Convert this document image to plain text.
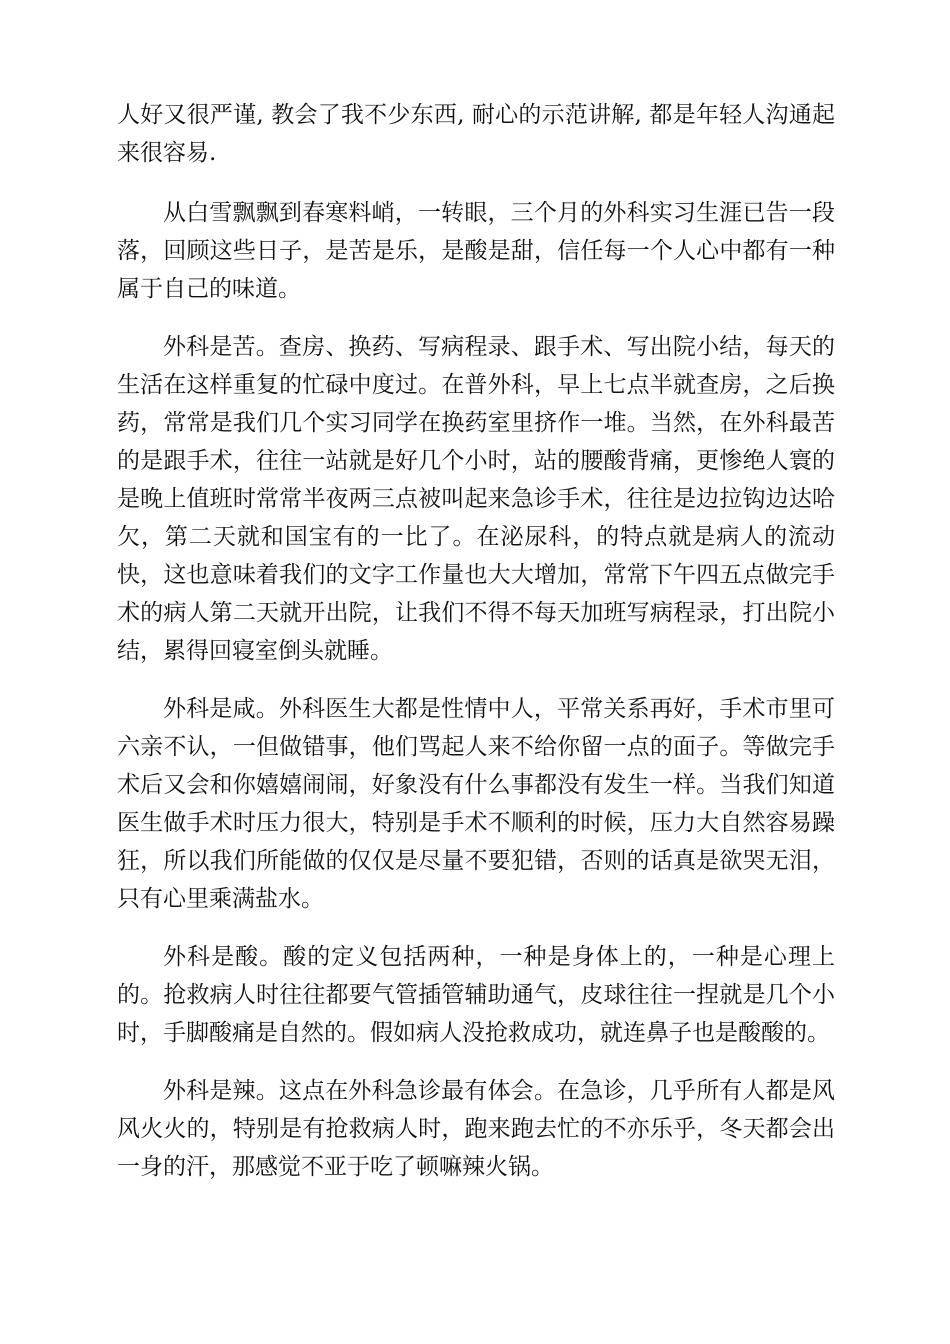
人好又很严谨, 教会了我不少东西, 耐心的示范讲解, 都是年轻人沟通起来很容易.

从白雪飘飘到春寒料峭，一转眼，三个月的外科实习生涯已告一段落，回顾这些日子，是苦是乐，是酸是甜，信任每一个人心中都有一种属于自己的味道。

外科是苦。查房、换药、写病程录、跟手术、写出院小结，每天的生活在这样重复的忙碌中度过。在普外科，早上七点半就查房，之后换药，常常是我们几个实习同学在换药室里挤作一堆。当然，在外科最苦的是跟手术，往往一站就是好几个小时，站的腰酸背痛，更惨绝人寰的是晚上值班时常常半夜两三点被叫起来急诊手术，往往是边拉钩边达哈欠，第二天就和国宝有的一比了。在泌尿科，的特点就是病人的流动快，这也意味着我们的文字工作量也大大增加，常常下午四五点做完手术的病人第二天就开出院，让我们不得不每天加班写病程录，打出院小结，累得回寝室倒头就睡。

外科是咸。外科医生大都是性情中人，平常关系再好，手术市里可六亲不认，一但做错事，他们骂起人来不给你留一点的面子。等做完手术后又会和你嬉嬉闹闹，好象没有什么事都没有发生一样。当我们知道医生做手术时压力很大，特别是手术不顺利的时候，压力大自然容易躁狂，所以我们所能做的仅仅是尽量不要犯错，否则的话真是欲哭无泪，只有心里乘满盐水。

外科是酸。酸的定义包括两种，一种是身体上的，一种是心理上的。抢救病人时往往都要气管插管辅助通气，皮球往往一捏就是几个小时，手脚酸痛是自然的。假如病人没抢救成功，就连鼻子也是酸酸的。

外科是辣。这点在外科急诊最有体会。在急诊，几乎所有人都是风风火火的，特别是有抢救病人时，跑来跑去忙的不亦乐乎，冬天都会出一身的汗，那感觉不亚于吃了顿嘛辣火锅。
